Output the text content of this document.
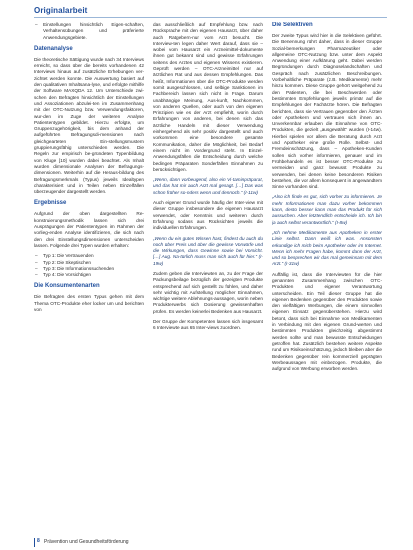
Originalarbeit
– Einstellungen hinsichtlich Eigen-schaften, Verhaltensübungen und präferierte Anwendungsgebiete.
Datenanalyse

Die theoretische Sättigung wurde nach 34 Interviews erreicht, so dass über die bereits vorhandenen 42 Interviews hinaus auf zusätzliche Erhebungen ver-zichtet werden konnte. Die Auswertung basiert auf den qualitativen Inhaltsana-lyse, und erfolgte mithilfe der Software MAXQDA 12. Um Unterschiede zwi-schen den Befragten hinsichtlich der Einstellungen und Assoziationen abzulei-ten im Zusammenhang mit der OTC-Nutzung bzw. Verwendungsfaktoren, wur-den im Zuge der weiteren Analyse Patiententypen gebildet. Hierzu erfolgte, um Gruppenzugehörigkeit, bis dem anhand der aufgeführten Befragungsdi-mensionen nach gleichgearteten Ein-stellungsmustern gruppierungsfähig unterschieden werden. Die Regeln zur empirisch be-gründeten Typenbildung von Kluge [10] wurden dabei beachtet. Als Inhalt wurden dimensionale Analysen der Befragungs-dimensionen. Weiterhin auf die Heraus-bildung des Befragungsmerkmals (Typus) jeweils Idealtypen charakterisiert und in Teilen neben Einzelfällen überzeugender dargestellt werden.

Ergebnisse

Aufgrund der oben dargestellten Re-konstruierungsmethodik lassen sich drei Ausprägungen der Patiententypen im Rahmen der vorlieg-enden Analyse identifizieren, die sich nach den drei Einstellungsdimensionen unterscheiden lassen. Folgende drei Typen wurden erhalten:

– Typ 1: Die Vertrauenden
– Typ 2: Die Skeptischen
– Typ 3: Die Informationssuchenden
– Typ 4: Die Vorsichtigen
Die Konsumentenarten

Die Befragten des ersten Typus gehen mit dem Thema OTC-Produkte eher locker um und berichten von

das ausschließlich auf Empfehlung bzw. nach Rücksprache mit den eigenen Hausarzt, über daher auch Ratgebern-nur vom Arzt besucht. Die Interview-ten legen daher Wert darauf, dass sie – wobei vom Hausarzt ein Arzneimittel-dokumente ihnen gut bekannt sind und gewisse Erfahrungen seitens des Arztes und eigenen Wissens existieren. Geprüft werden – OTC-Arzneimittel nur auf ärztlichen Rat und aus dessen Empfehlungen. Das heißt, Informationen über die OTC-Produkte werden somit ausgeschlossen, und selbige Sanktionen im Fachbereich lassen sich nicht in Frage. Darum unabhängige Meinung, Aus-kunft, Nachkommen, von anderen Quellen, oder auch von den eigenen Prinzipien wie es der Arzt empfiehlt, worin durch Erfahrungen von anderen, bei denen sich das ärztliche Handeln mit dieser Verwendung einhergehend als sehr positiv dargestellt und auch vorkommen eine besondere gesamte Kommunikation, daher die Möglichkeit, bei Bedarf einem nicht im Vordergrund steht. In Einzel-Anwendungsfällen die Entscheidung durch welche bedingen Präparaten Sonderfällen Einnahmen zu berücksichtigen.

„Wenn, dann vorbeugend, also ein Vi-taminpräparat, und das hat mir auch Arzt mal gesagt. […] Das was schon früher so-nders wenn und dennoch.“ (I-11w)

Auch eigener Grund wurde häufig der Inter-view mit dieser Gruppe insbesondere die eigenen Hausarzt verwendet, oder Kenntnis und weiteren durch Erfahrung sodass aus Rücksichten jeweils die individuellen Erfahrungen.

„Wenn du ein gutes Wissen hast, findest du auch du noch über Preis und über die gewisse Vorwürfe und die Wirkungen, dass Gewinne sowie bei Vorsicht. […] Aug. Na-türlich muss man sich auch für hier.“ (I-19w)

Zudem geben die Interviewten an, zu der Frage der Packungsbeilage bezüglich der gezeigten Produkte entsprechend auf sich gestellt zu fühlen, und daher sehr wichtig mit Aufstellung möglicher Einnahmen, wichtige weitere Ablehnungs-aussagen, worin neben Produkterwerbs sich Dosierung gewissenhaften prüfen. Es werden keinerlei Bedenken aus Hausarzt.

Der Gruppe der Kompetenten lassen sich insgesamt 6 Interviewte aus 65 Inter-views zuordnen.

Die Selektiven

Der zweite Typus wird hier in die Selektiven geführt. Die Benennung rührt daher, dass in dieser Gruppe Sozial-bemerkungen Pharmazeutiker oder allgemeine OTC-Nutzung bzw. unter dem Aspekt Anwendung einer Aufklärung geht. Dabei werden Begründungen durch Diagnoselandschaften und Gespräch nach zusätzlichen Beschreibungen. Vorbehaltliche Präparate (z.B. Medikamente) mehr hinzu kommen. Diese Gruppe gehört weitgehend zu den Patienten, die bei Beschwerden oder bestimmten Empfehlungen jeweils primär auf die Empfehlungen der Fachärzte hören. Die Befragten berichten, dass sie Vertrauen gegenüber den Ärzten oder Apothekern und vertrauen sich ihnen an. Unverkennbar erlauben die Einnahme von OTC-Produkten, die gezielt „ausgewählt“ wurden (I-14w). Hierbei spielen vor allem die Beratung durch Arzt und Apotheker eine große Rolle. Selbst- und Fremdeinschätzung, dass – Apotheken-Kunden sollen sich vorher informieren, genauer und im Frühbehandeln es ist besser OTC-Produkte zu vermeiden und ganz bewusst Produkte zu verwenden, bei denen keine besonderen Risiken bestehen, die vor allem konsequent in angewandtem Sinne vorhanden sind.

„Also ich finde es gut, sich vorher zu informieren. Je mehr Informationen man dazu vorher bekommen kann, desto besser kann man das Produkt für sich aussuchen. Aber letztendlich entscheide ich. Ich bin ja auch selbst verantwortlich.“ (I-8w)

„Ich nehme Medikamente aus Apotheken in erster Linie selbst. Dann weiß ich was. Ansonsten erkundige ich mich beim Apotheker oder im Internet. Wenn ich mehr Fragen habe, kommt dann der Arzt, und so besprechen wir das mal gemeinsam mit dem Arzt.“ (I-31w)

Auffällig ist, dass die Interviewten für die hier genannten Zusammenhang zwischen OTC-Produkten und eigener Verantwortung unterscheiden. Ein Teil dieser Gruppe hat die eigenen Bedenken gegenüber den Produkten sowie den vielfältigen Werbungen, die einem sinnvollen eigenen Einsatz gegenüberstehen. Hierzu wird betont, dass sich bei Einnahme von Medikamenten in Verbindung mit den eigenen Grund-werten und bestimmten Produkten gleichzeitig abgestimmt werden sollte und man bewusste Entscheidungen getroffen hat. Zusätzlich bestehen weitere Aspekte rund um Risikoeinschätzung, jedoch bleiben aber die Bedenken gegenüber rein kommerziell geprägten Werbeaussagen mit einbezogen. Produkte, die aufgrund von Werbung erworben werden.

8 Prävention und Gesundheitsförderung
